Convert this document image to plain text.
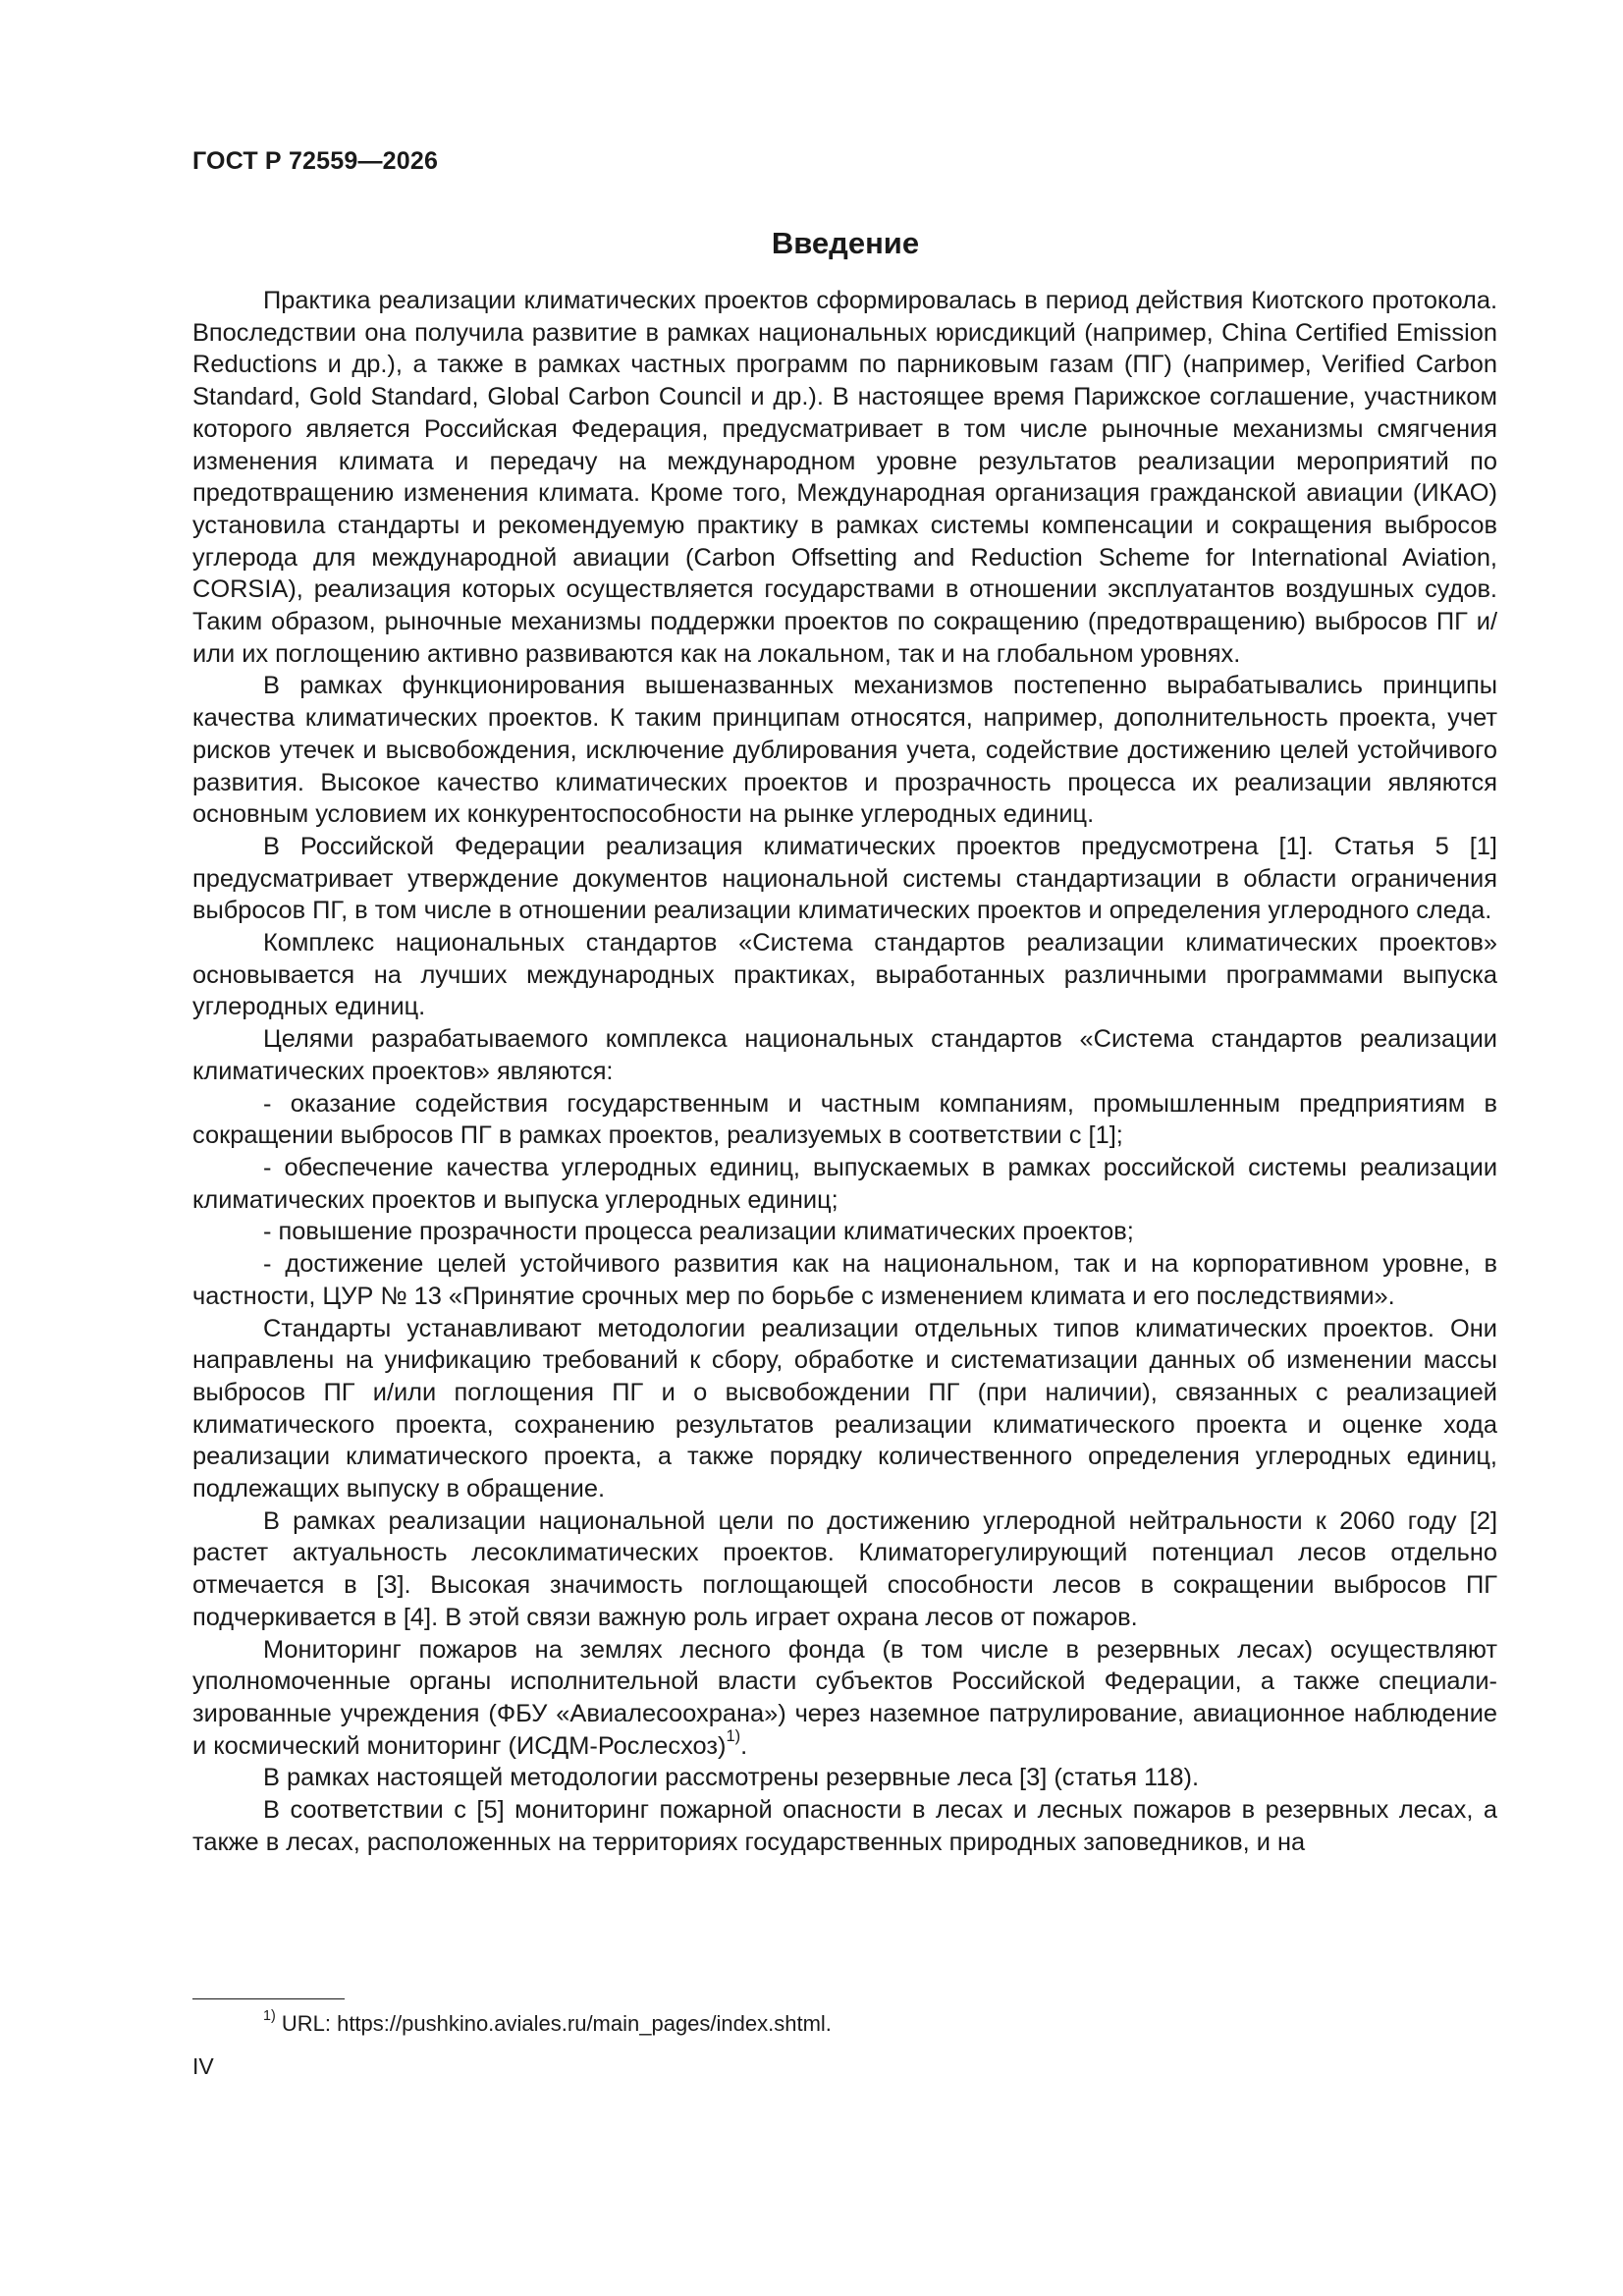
ГОСТ Р 72559—2026
Введение

Практика реализации климатических проектов сформировалась в период действия Киотского протокола. Впоследствии она получила развитие в рамках национальных юрисдикций (например, China Certified Emission Reductions и др.), а также в рамках частных программ по парниковым газам (ПГ) (например, Verified Carbon Standard, Gold Standard, Global Carbon Council и др.). В настоящее время Парижское соглашение, участником которого является Российская Федерация, предусматривает в том числе рыночные механизмы смягчения изменения климата и передачу на международном уровне результатов реализации мероприятий по предотвращению изменения климата. Кроме того, Международная организация гражданской авиации (ИКАО) установила стандарты и рекомендуемую практику в рамках системы компенсации и сокращения выбросов углерода для международной авиации (Carbon Offsetting and Reduction Scheme for International Aviation, CORSIA), реализация которых осуществляется государствами в отношении эксплуатантов воздушных судов. Таким образом, рыночные механизмы поддержки проектов по сокращению (предотвращению) выбросов ПГ и/или их поглощению активно развиваются как на локальном, так и на глобальном уровнях.

В рамках функционирования вышеназванных механизмов постепенно вырабатывались принципы качества климатических проектов. К таким принципам относятся, например, дополнительность проекта, учет рисков утечек и высвобождения, исключение дублирования учета, содействие достижению целей устойчивого развития. Высокое качество климатических проектов и прозрачность процесса их реализации являются основным условием их конкурентоспособности на рынке углеродных единиц.

В Российской Федерации реализация климатических проектов предусмотрена [1]. Статья 5 [1] предусматривает утверждение документов национальной системы стандартизации в области ограничения выбросов ПГ, в том числе в отношении реализации климатических проектов и определения углеродного следа.

Комплекс национальных стандартов «Система стандартов реализации климатических проектов» основывается на лучших международных практиках, выработанных различными программами выпуска углеродных единиц.

Целями разрабатываемого комплекса национальных стандартов «Система стандартов реализации климатических проектов» являются:

- оказание содействия государственным и частным компаниям, промышленным предприятиям в сокращении выбросов ПГ в рамках проектов, реализуемых в соответствии с [1];

- обеспечение качества углеродных единиц, выпускаемых в рамках российской системы реализации климатических проектов и выпуска углеродных единиц;

- повышение прозрачности процесса реализации климатических проектов;

- достижение целей устойчивого развития как на национальном, так и на корпоративном уровне, в частности, ЦУР № 13 «Принятие срочных мер по борьбе с изменением климата и его последствиями».

Стандарты устанавливают методологии реализации отдельных типов климатических проектов. Они направлены на унификацию требований к сбору, обработке и систематизации данных об изменении массы выбросов ПГ и/или поглощения ПГ и о высвобождении ПГ (при наличии), связанных с реализацией климатического проекта, сохранению результатов реализации климатического проекта и оценке хода реализации климатического проекта, а также порядку количественного определения углеродных единиц, подлежащих выпуску в обращение.

В рамках реализации национальной цели по достижению углеродной нейтральности к 2060 году [2] растет актуальность лесоклиматических проектов. Климаторегулирующий потенциал лесов отдельно отмечается в [3]. Высокая значимость поглощающей способности лесов в сокращении выбросов ПГ подчеркивается в [4]. В этой связи важную роль играет охрана лесов от пожаров.

Мониторинг пожаров на землях лесного фонда (в том числе в резервных лесах) осуществляют уполномоченные органы исполнительной власти субъектов Российской Федерации, а также специализированные учреждения (ФБУ «Авиалесоохрана») через наземное патрулирование, авиационное наблюдение и космический мониторинг (ИСДМ-Рослесхоз)$^{1)}$.

В рамках настоящей методологии рассмотрены резервные леса [3] (статья 118).

В соответствии с [5] мониторинг пожарной опасности в лесах и лесных пожаров в резервных лесах, а также в лесах, расположенных на территориях государственных природных заповедников, и на

$^{1)}$ URL: https://pushkino.aviales.ru/main_pages/index.shtml.
IV
